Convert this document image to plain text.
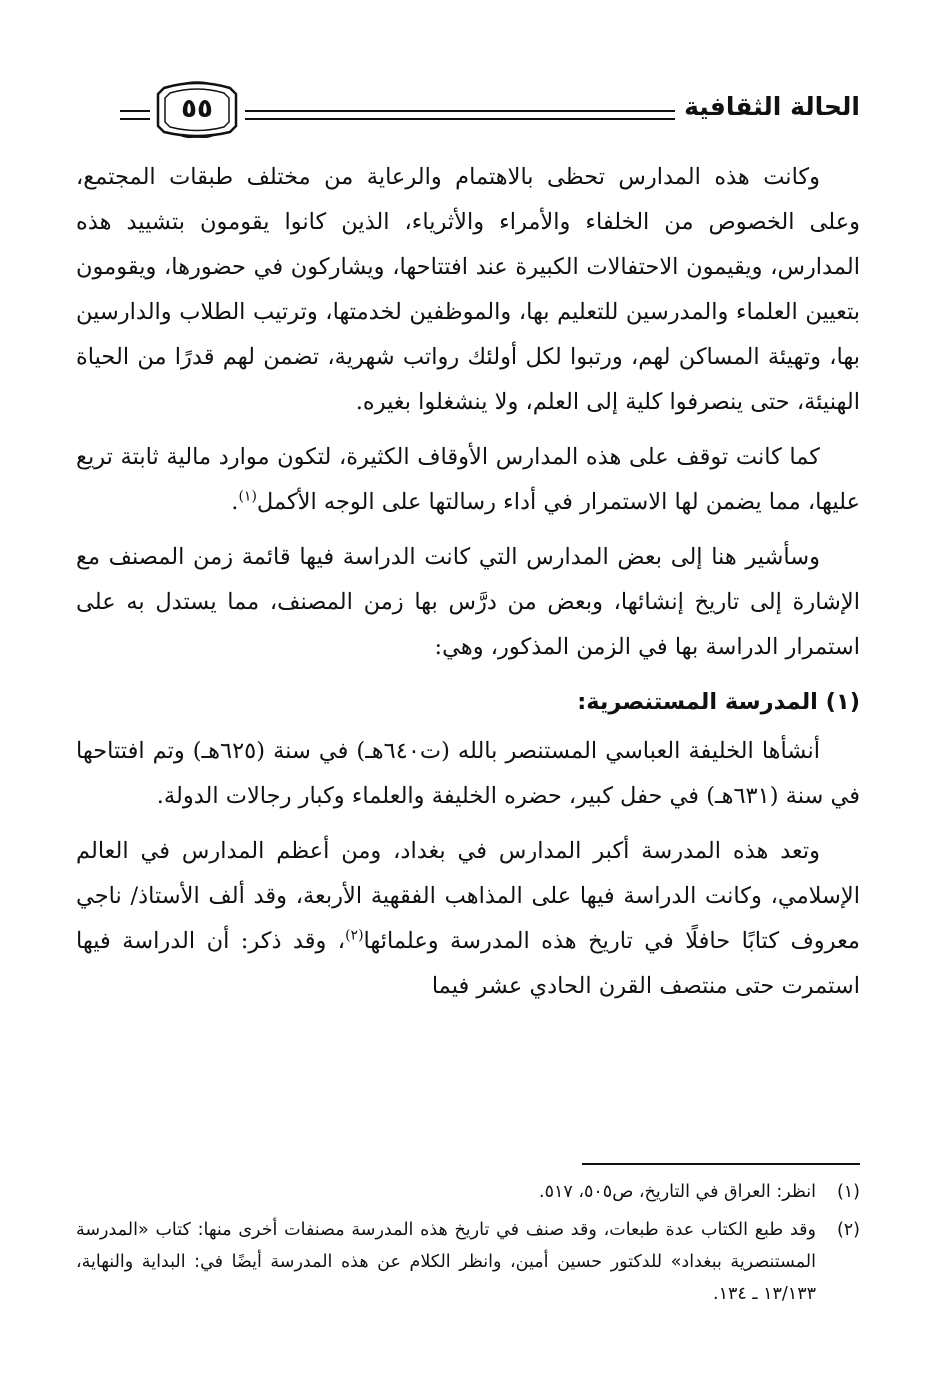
الحالة الثقافية
٥٥

وكانت هذه المدارس تحظى بالاهتمام والرعاية من مختلف طبقات المجتمع، وعلى الخصوص من الخلفاء والأمراء والأثرياء، الذين كانوا يقومون بتشييد هذه المدارس، ويقيمون الاحتفالات الكبيرة عند افتتاحها، ويشاركون في حضورها، ويقومون بتعيين العلماء والمدرسين للتعليم بها، والموظفين لخدمتها، وترتيب الطلاب والدارسين بها، وتهيئة المساكن لهم، ورتبوا لكل أولئك رواتب شهرية، تضمن لهم قدرًا من الحياة الهنيئة، حتى ينصرفوا كلية إلى العلم، ولا ينشغلوا بغيره.

كما كانت توقف على هذه المدارس الأوقاف الكثيرة، لتكون موارد مالية ثابتة تريع عليها، مما يضمن لها الاستمرار في أداء رسالتها على الوجه الأكمل$^{(١)}$.

وسأشير هنا إلى بعض المدارس التي كانت الدراسة فيها قائمة زمن المصنف مع الإشارة إلى تاريخ إنشائها، وبعض من درَّس بها زمن المصنف، مما يستدل به على استمرار الدراسة بها في الزمن المذكور، وهي:

(١) المدرسة المستنصرية:

أنشأها الخليفة العباسي المستنصر بالله (ت٦٤٠هـ) في سنة (٦٢٥هـ) وتم افتتاحها في سنة (٦٣١هـ) في حفل كبير، حضره الخليفة والعلماء وكبار رجالات الدولة.

وتعد هذه المدرسة أكبر المدارس في بغداد، ومن أعظم المدارس في العالم الإسلامي، وكانت الدراسة فيها على المذاهب الفقهية الأربعة، وقد ألف الأستاذ/ ناجي معروف كتابًا حافلًا في تاريخ هذه المدرسة وعلمائها$^{(٢)}$، وقد ذكر: أن الدراسة فيها استمرت حتى منتصف القرن الحادي عشر فيما

(١)
انظر: العراق في التاريخ، ص٥٠٥، ٥١٧.
(٢)
وقد طبع الكتاب عدة طبعات، وقد صنف في تاريخ هذه المدرسة مصنفات أخرى منها: كتاب «المدرسة المستنصرية ببغداد» للدكتور حسين أمين، وانظر الكلام عن هذه المدرسة أيضًا في: البداية والنهاية، ١٣/١٣٣ ـ ١٣٤.
